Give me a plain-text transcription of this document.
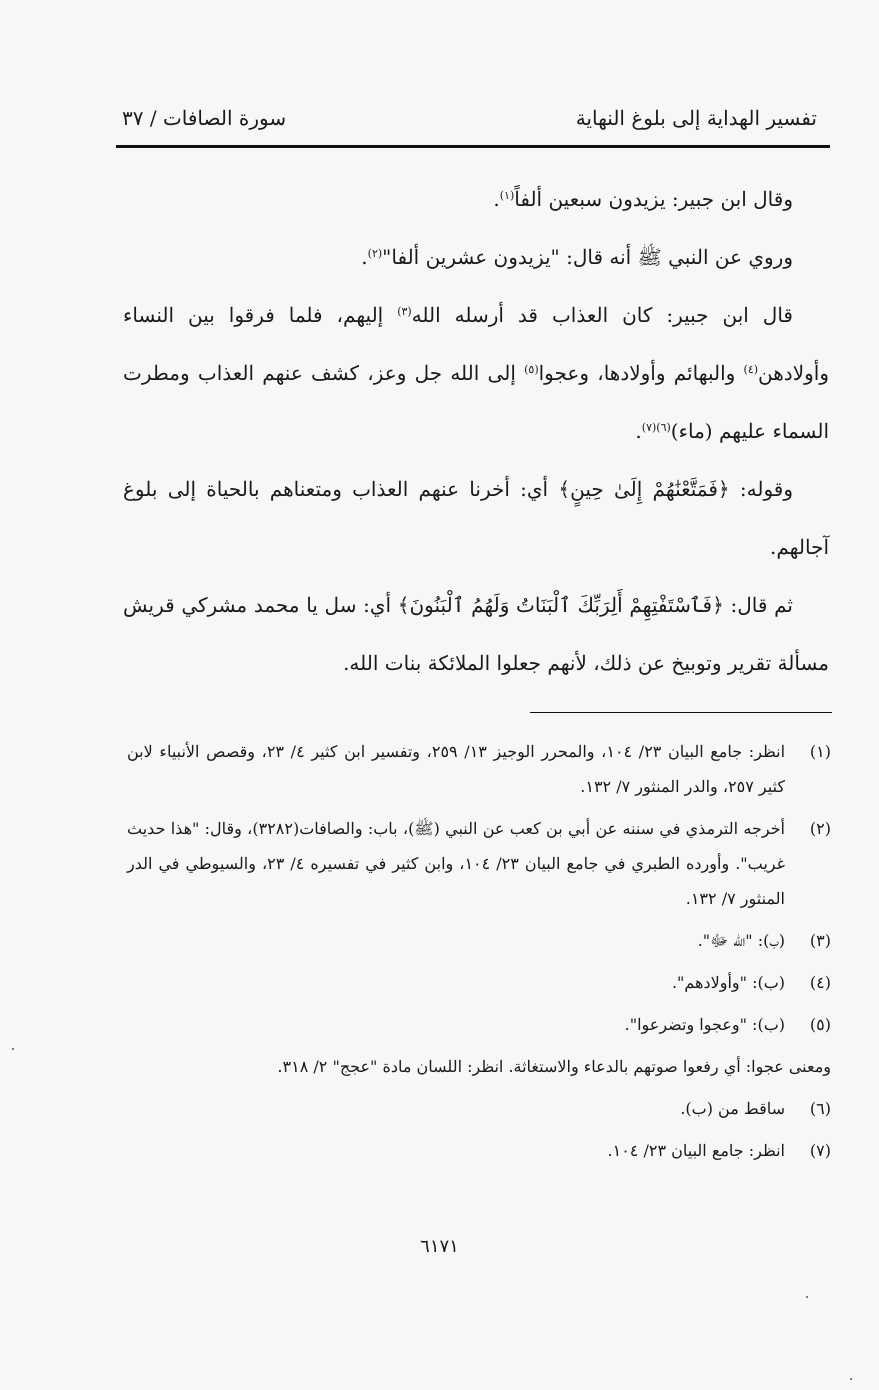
تفسير الهداية إلى بلوغ النهاية
سورة الصافات / ٣٧

وقال ابن جبير: يزيدون سبعين ألفاً$^{(١)}$.

وروي عن النبي ﷺ أنه قال: "يزيدون عشرين ألفا"$^{(٢)}$.

قال ابن جبير: كان العذاب قد أرسله الله$^{(٣)}$ إليهم، فلما فرقوا بين النساء وأولادهن$^{(٤)}$ والبهائم وأولادها، وعجوا$^{(٥)}$ إلى الله جل وعز، كشف عنهم العذاب ومطرت السماء عليهم (ماء)$^{(٦)(٧)}$.

وقوله: ﴿فَمَتَّعْنَٰهُمْ إِلَىٰ حِينٍ﴾ أي: أخرنا عنهم العذاب ومتعناهم بالحياة إلى بلوغ آجالهم.

ثم قال: ﴿فَٱسْتَفْتِهِمْ أَلِرَبِّكَ ٱلْبَنَاتُ وَلَهُمُ ٱلْبَنُونَ﴾ أي: سل يا محمد مشركي قريش مسألة تقرير وتوبيخ عن ذلك، لأنهم جعلوا الملائكة بنات الله.

(١)
انظر: جامع البيان ٢٣/ ١٠٤، والمحرر الوجيز ١٣/ ٢٥٩، وتفسير ابن كثير ٤/ ٢٣، وقصص الأنبياء لابن كثير ٢٥٧، والدر المنثور ٧/ ١٣٢.
(٢)
أخرجه الترمذي في سننه عن أبي بن كعب عن النبي (ﷺ)، باب: والصافات(٣٢٨٢)، وقال: "هذا حديث غريب". وأورده الطبري في جامع البيان ٢٣/ ١٠٤، وابن كثير في تفسيره ٤/ ٢٣، والسيوطي في الدر المنثور ٧/ ١٣٢.
(٣)
(ب): "الله ﷻ".
(٤)
(ب): "وأولادهم".
(٥)
(ب): "وعجوا وتضرعوا".
ومعنى عجوا: أي رفعوا صوتهم بالدعاء والاستغاثة. انظر: اللسان مادة "عجج" ٢/ ٣١٨.
(٦)
ساقط من (ب).
(٧)
انظر: جامع البيان ٢٣/ ١٠٤.
٦١٧١
